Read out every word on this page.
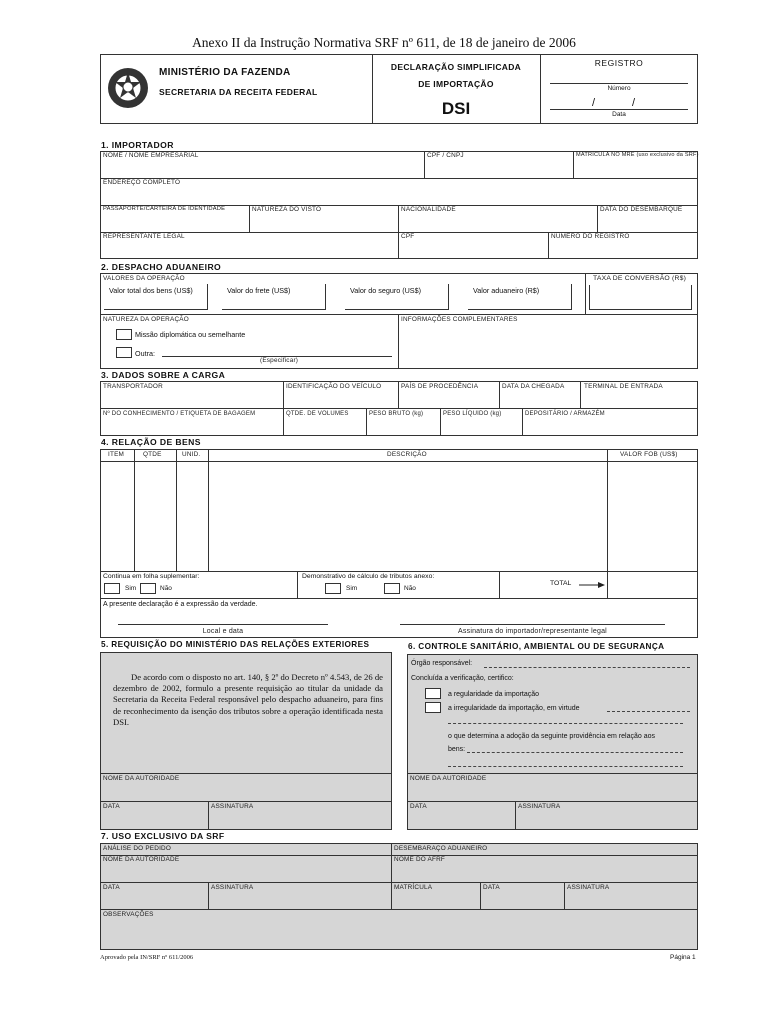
Anexo II da Instrução Normativa SRF nº 611, de 18 de janeiro de 2006
MINISTÉRIO DA FAZENDA
SECRETARIA DA RECEITA FEDERAL
DECLARAÇÃO SIMPLIFICADA
DE IMPORTAÇÃO
DSI
REGISTRO
Número
/	/
Data
1. IMPORTADOR
NOME / NOME EMPRESARIAL	CPF / CNPJ	MATRÍCULA NO MRE (uso exclusivo da SRF)
ENDEREÇO COMPLETO
PASSAPORTE/CARTEIRA DE IDENTIDADE	NATUREZA DO VISTO	NACIONALIDADE	DATA DO DESEMBARQUE
REPRESENTANTE LEGAL	CPF	NÚMERO DO REGISTRO
2. DESPACHO ADUANEIRO
VALORES DA OPERAÇÃO	TAXA DE CONVERSÃO (R$)
Valor total dos bens (US$)	Valor do frete (US$)	Valor do seguro (US$)	Valor aduaneiro (R$)
NATUREZA DA OPERAÇÃO
Missão diplomática ou semelhante
Outra:
(Especificar)
INFORMAÇÕES COMPLEMENTARES
3. DADOS SOBRE A CARGA
TRANSPORTADOR	IDENTIFICAÇÃO DO VEÍCULO	PAÍS DE PROCEDÊNCIA	DATA DA CHEGADA	TERMINAL DE ENTRADA
Nº DO CONHECIMENTO / ETIQUETA DE BAGAGEM	QTDE. DE VOLUMES	PESO BRUTO (kg)	PESO LÍQUIDO (kg)	DEPOSITÁRIO / ARMAZÉM
4. RELAÇÃO DE BENS
ITEM	QTDE	UNID.	DESCRIÇÃO	VALOR FOB (US$)
Continua em folha suplementar:
Sim	Não
Demonstrativo de cálculo de tributos anexo:
Sim	Não
TOTAL
A presente declaração é a expressão da verdade.
Local e data	Assinatura do importador/representante legal
5. REQUISIÇÃO DO MINISTÉRIO DAS RELAÇÕES EXTERIORES
De acordo com o disposto no art. 140, § 2º do Decreto nº 4.543, de 26 de dezembro de 2002, formulo a presente requisição ao titular da unidade da Secretaria da Receita Federal responsável pelo despacho aduaneiro, para fins de reconhecimento da isenção dos tributos sobre a operação identificada nesta DSI.
NOME DA AUTORIDADE
DATA	ASSINATURA
6. CONTROLE SANITÁRIO, AMBIENTAL OU DE SEGURANÇA
Órgão responsável:
Concluída a verificação, certifico:
a regularidade da importação
a irregularidade da importação, em virtude
o que determina a adoção da seguinte providência em relação aos
bens:
NOME DA AUTORIDADE
DATA	ASSINATURA
7. USO EXCLUSIVO DA SRF
ANÁLISE DO PEDIDO	DESEMBARAÇO ADUANEIRO
NOME DA AUTORIDADE	NOME DO AFRF
DATA	ASSINATURA	MATRÍCULA	DATA	ASSINATURA
OBSERVAÇÕES
Aprovado pela IN/SRF nº 611/2006	Página 1
